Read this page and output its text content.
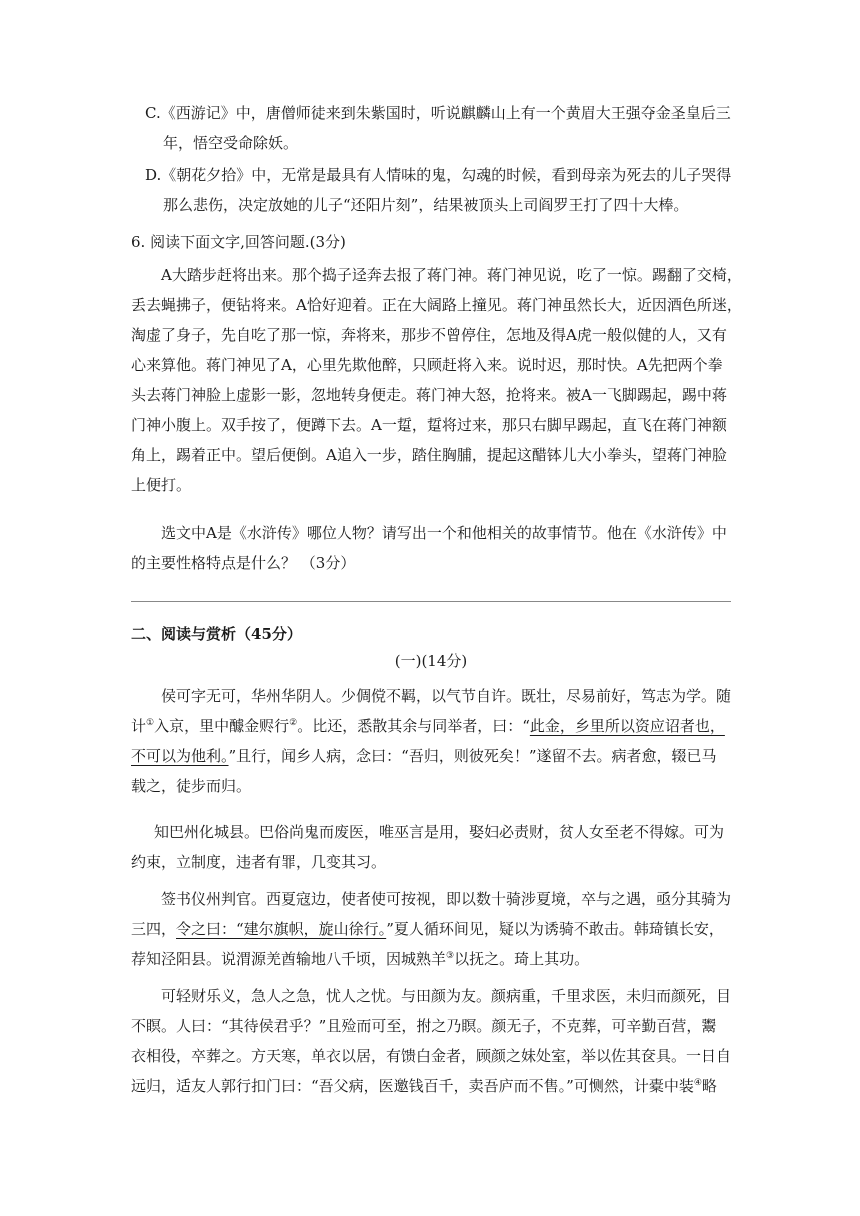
C.《西游记》中，唐僧师徒来到朱紫国时，听说麒麟山上有一个黄眉大王强夺金圣皇后三
年，悟空受命除妖。
D.《朝花夕拾》中，无常是最具有人情味的鬼，勾魂的时候，看到母亲为死去的儿子哭得
那么悲伤，决定放她的儿子“还阳片刻”，结果被顶头上司阎罗王打了四十大棒。
6. 阅读下面文字,回答问题.(3分)
A大踏步赶将出来。那个捣子迳奔去报了蒋门神。蒋门神见说，吃了一惊。踢翻了交椅，
丢去蝇拂子，便钻将来。A恰好迎着。正在大阔路上撞见。蒋门神虽然长大，近因酒色所迷，
淘虚了身子，先自吃了那一惊，奔将来，那步不曾停住，怎地及得A虎一般似健的人，又有
心来算他。蒋门神见了A，心里先欺他醉，只顾赶将入来。说时迟，那时快。A先把两个拳
头去蒋门神脸上虚影一影，忽地转身便走。蒋门神大怒，抢将来。被A一飞脚踢起，踢中蒋
门神小腹上。双手按了，便蹲下去。A一踅，踅将过来，那只右脚早踢起，直飞在蒋门神额
角上，踢着正中。望后便倒。A追入一步，踏住胸脯，提起这醋钵儿大小拳头，望蒋门神脸
上便打。
选文中A是《水浒传》哪位人物？请写出一个和他相关的故事情节。他在《水浒传》中
的主要性格特点是什么？ （3分）
二、阅读与赏析（45分）
(一)(14分)
侯可字无可，华州华阴人。少倜傥不羁，以气节自许。既壮，尽易前好，笃志为学。随
计①入京，里中醵金赆行②。比还，悉散其余与同举者，曰：“此金，乡里所以资应诏者也，
不可以为他利。”且行，闻乡人病，念曰：“吾归，则彼死矣！”遂留不去。病者愈，辍已马
载之，徒步而归。
知巴州化城县。巴俗尚鬼而废医，唯巫言是用，娶妇必责财，贫人女至老不得嫁。可为
约束，立制度，违者有罪，几变其习。
签书仪州判官。西夏寇边，使者使可按视，即以数十骑涉夏境，卒与之遇，亟分其骑为
三四，令之曰：“建尔旗帜，旋山徐行。”夏人循环间见，疑以为诱骑不敢击。韩琦镇长安，
荐知泾阳县。说渭源羌酋输地八千顷，因城熟羊③以抚之。琦上其功。
可轻财乐义，急人之急，忧人之忧。与田颜为友。颜病重，千里求医，未归而颜死，目
不瞑。人曰：“其待侯君乎？”且殓而可至，拊之乃瞑。颜无子，不克葬，可辛勤百营，鬻
衣相役，卒葬之。方天寒，单衣以居，有馈白金者，顾颜之妹处室，举以佐其奁具。一日自
远归，适友人郭行扣门曰：“吾父病，医邀钱百千，卖吾庐而不售。”可恻然，计橐中装④略
